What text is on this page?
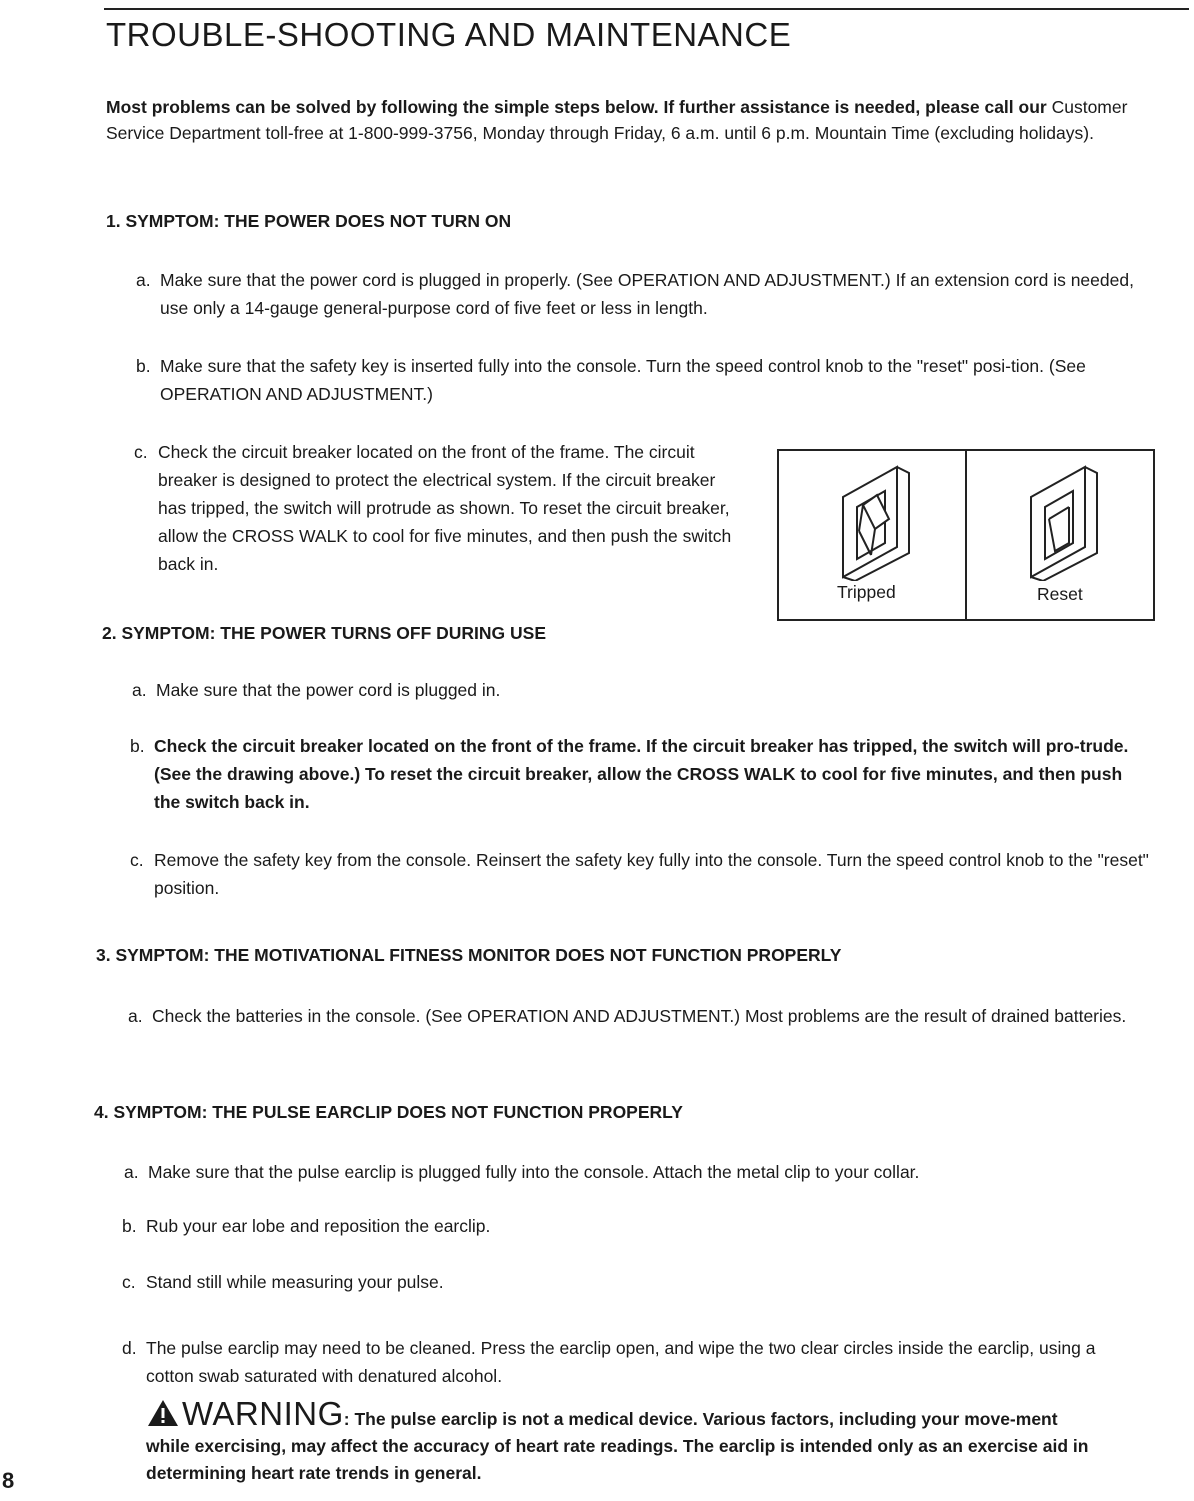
TROUBLE-SHOOTING AND MAINTENANCE

Most problems can be solved by following the simple steps below. If further assistance is needed, please call our Customer Service Department toll-free at 1-800-999-3756, Monday through Friday, 6 a.m. until 6 p.m. Mountain Time (excluding holidays).

1. SYMPTOM: THE POWER DOES NOT TURN ON
a. Make sure that the power cord is plugged in properly. (See OPERATION AND ADJUSTMENT.) If an extension cord is needed, use only a 14-gauge general-purpose cord of five feet or less in length.
b. Make sure that the safety key is inserted fully into the console. Turn the speed control knob to the "reset" posi-tion. (See OPERATION AND ADJUSTMENT.)
c. Check the circuit breaker located on the front of the frame. The circuit breaker is designed to protect the electrical system. If the circuit breaker has tripped, the switch will protrude as shown. To reset the circuit breaker, allow the CROSS WALK to cool for five minutes, and then push the switch back in.
Tripped	Reset
2. SYMPTOM: THE POWER TURNS OFF DURING USE
a. Make sure that the power cord is plugged in.
b. Check the circuit breaker located on the front of the frame. If the circuit breaker has tripped, the switch will pro-trude. (See the drawing above.) To reset the circuit breaker, allow the CROSS WALK to cool for five minutes, and then push the switch back in.
c. Remove the safety key from the console. Reinsert the safety key fully into the console. Turn the speed control knob to the "reset" position.
3. SYMPTOM: THE MOTIVATIONAL FITNESS MONITOR DOES NOT FUNCTION PROPERLY
a. Check the batteries in the console. (See OPERATION AND ADJUSTMENT.) Most problems are the result of drained batteries.
4. SYMPTOM: THE PULSE EARCLIP DOES NOT FUNCTION PROPERLY
a. Make sure that the pulse earclip is plugged fully into the console. Attach the metal clip to your collar.
b. Rub your ear lobe and reposition the earclip.
c. Stand still while measuring your pulse.
d. The pulse earclip may need to be cleaned. Press the earclip open, and wipe the two clear circles inside the earclip, using a cotton swab saturated with denatured alcohol.

WARNING: The pulse earclip is not a medical device. Various factors, including your move-ment while exercising, may affect the accuracy of heart rate readings. The earclip is intended only as an exercise aid in determining heart rate trends in general.

8
